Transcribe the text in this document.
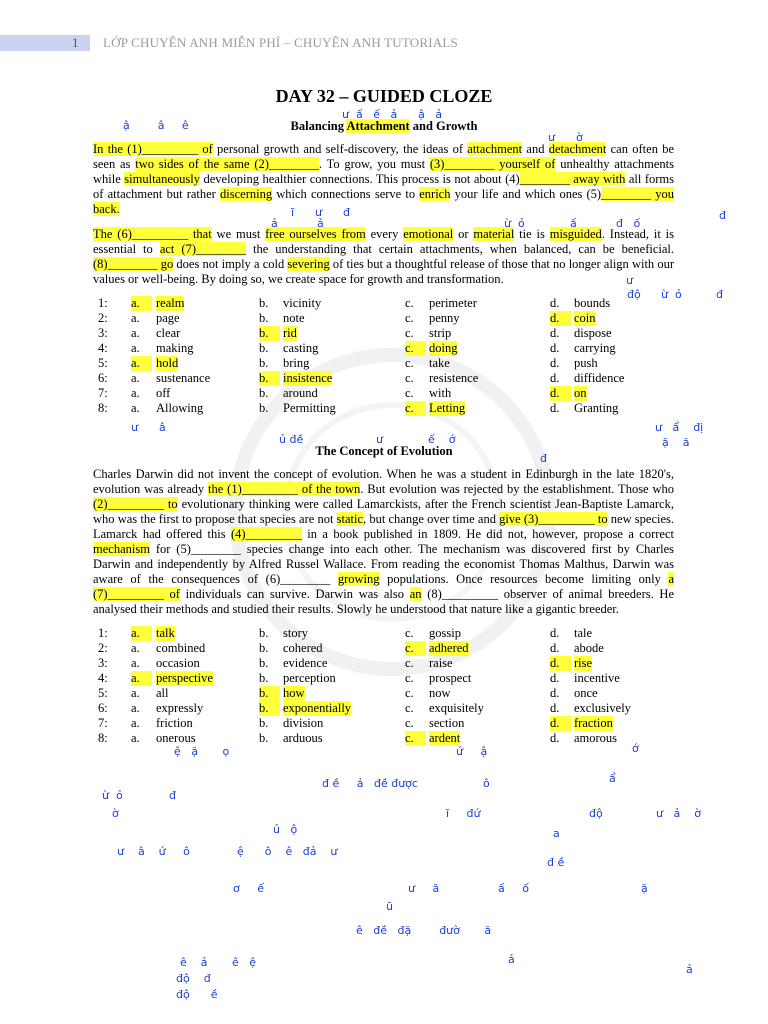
1 LỚP CHUYÊN ANH MIỄN PHÍ – CHUYÊN ANH TUTORIALS
DAY 32 – GUIDED CLOZE
Balancing Attachment and Growth
In the (1)_________ of personal growth and self-discovery, the ideas of attachment and detachment can often be seen as two sides of the same (2)________. To grow, you must (3)________ yourself of unhealthy attachments while simultaneously developing healthier connections. This process is not about (4)________ away with all forms of attachment but rather discerning which connections serve to enrich your life and which ones (5)________ you back.
The (6)_________ that we must free ourselves from every emotional or material tie is misguided. Instead, it is essential to act (7)________ the understanding that certain attachments, when balanced, can be beneficial. (8)________ go does not imply a cold severing of ties but a thoughtful release of those that no longer align with our values or well-being. By doing so, we create space for growth and transformation.
1: a.	realm	b. vicinity	c. perimeter	d. bounds
2: a. page	b. note	c. penny	d.	coin
3: a. clear	b.	rid	c. strip	d. dispose
4: a. making	b. casting	c.	doing	d. carrying
5: a.	hold	b. bring	c. take	d. push
6: a. sustenance	b.	insistence	c. resistence	d. diffidence
7: a. off	b. around	c. with	d.	on
8: a. Allowing	b. Permitting	c.	Letting	d. Granting
The Concept of Evolution
Charles Darwin did not invent the concept of evolution. When he was a student in Edinburgh in the late 1820's, evolution was already the (1)_________ of the town. But evolution was rejected by the establishment. Those who (2)_________ to evolutionary thinking were called Lamarckists, after the French scientist Jean-Baptiste Lamarck, who was the first to propose that species are not static, but change over time and give (3)_________ to new species. Lamarck had offered this (4)_________ in a book published in 1809. He did not, however, propose a correct mechanism for (5)________ species change into each other. The mechanism was discovered first by Charles Darwin and independently by Alfred Russel Wallace. From reading the economist Thomas Malthus, Darwin was aware of the consequences of (6)________ growing populations. Once resources become limiting only a (7)_________ of individuals can survive. Darwin was also an (8)_________ observer of animal breeders. He analysed their methods and studied their results. Slowly he understood that nature like a gigantic breeder.
1: a.	talk	b. story	c. gossip	d. tale
2: a. combined	b. cohered	c.	adhered	d. abode
3: a. occasion	b. evidence	c. raise	d.	rise
4: a.	perspective	b. perception	c. prospect	d. incentive
5: a. all	b.	how	c. now	d. once
6: a. expressly	b.	exponentially	c. exquisitely	d. exclusively
7: a. friction	b. division	c. section	d.	fraction
8: a. onerous	b. arduous	c.	ardent	d. amorous
ư  ấ   ế   ả      ậ   ả
ậ        â     ê
ư      ờ
đ
ĩ      ư      đ
ả	ả	ừ  ỏ	ấ	đ   ố
độ
ư
ừ  ỏ	đ
ư      â	ư   ẩ    đị
ủ đề	ư	ế    ớ	ặ    ă
đ
ệ   ặ       ọ	ứ     ậ	ớ
đ ề     ả   đề được	ô	ẩ
ừ  ỏ	đ
ờ	ĩ     đứ	độ	ư   ả    ờ
ủ   ộ	a
ư    â    ứ     ô	ệ      ô    ê   đả    ư
đ ề
ơ     ế	ư     ă	ấ     ố	ặ
ũ
ê   đề   đặ        đườ       ă
ê    ả       ê   ệ	ả
ả
độ    đ
độ      ề
